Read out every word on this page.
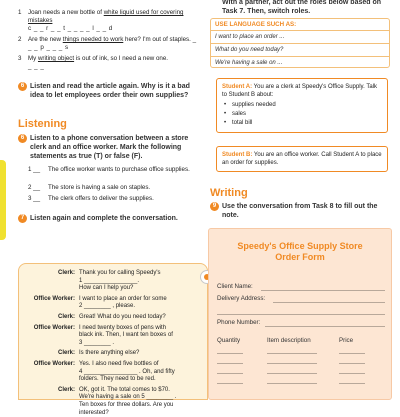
1	Joan needs a new bottle of white liquid used for covering mistakes
c _ _ r _ _ t _ _ _ _ l _ _ d
2	Are the new things needed to work here? I'm out of staples. _ _ _ p _ _ _ s
3	My writing object is out of ink, so I need a new one.
_ _ _
6 Listen and read the article again. Why is it a bad idea to let employees order their own supplies?
Listening
6 Listen to a phone conversation between a store clerk and an office worker. Mark the following statements as true (T) or false (F).
1 __ The office worker wants to purchase office supplies.
2 __ The store is having a sale on staples.
3 __ The clerk offers to deliver the supplies.
7 Listen again and complete the conversation.
Clerk: Thank you for calling Speedy's
1 ________________.
How can I help you?
Office Worker: I want to place an order for some
2 ________ , please.
Clerk: Great! What do you need today?
Office Worker: I need twenty boxes of pens with
black ink. Then, I want ten boxes of
3 ________ .
Clerk: Is there anything else?
Office Worker: Yes. I also need five bottles of
4 ________________ . Oh, and fifty
folders. They need to be red.
Clerk: OK, got it. The total comes to $70.
We're having a sale on 5 ________ .
Ten boxes for three dollars. Are you
interested?
With a partner, act out the roles below based on Task 7. Then, switch roles.
USE LANGUAGE SUCH AS:
I want to place an order ...
What do you need today?
We're having a sale on ...
Student A: You are a clerk at Speedy's Office Supply. Talk to Student B about:
• supplies needed
• sales
• total bill
Student B: You are an office worker. Call Student A to place an order for supplies.
Writing
9 Use the conversation from Task 8 to fill out the note.
Speedy's Office Supply Store
Order Form
Client Name:
Delivery Address:
Phone Number:
Quantity	Item description	Price
